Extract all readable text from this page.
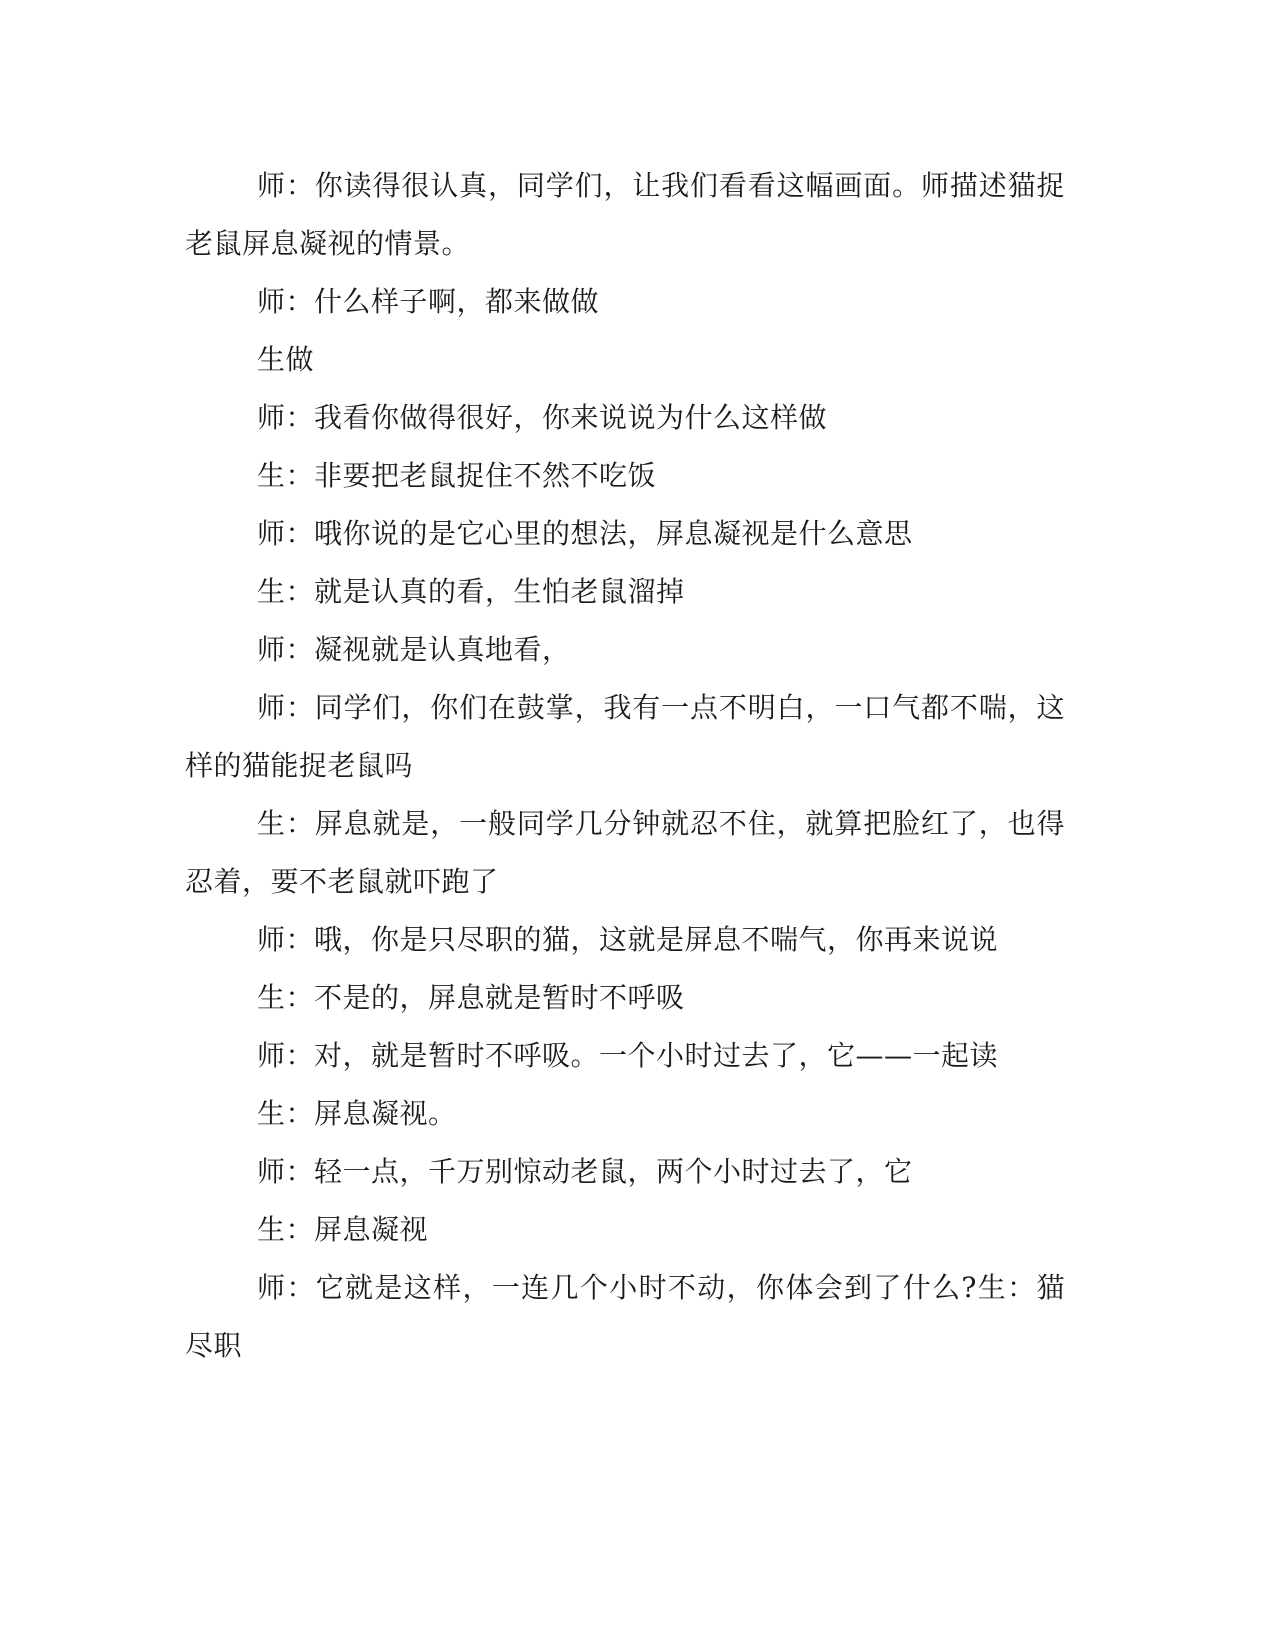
师：你读得很认真，同学们，让我们看看这幅画面。师描述猫捉老鼠屏息凝视的情景。

师：什么样子啊，都来做做

生做

师：我看你做得很好，你来说说为什么这样做

生：非要把老鼠捉住不然不吃饭

师：哦你说的是它心里的想法，屏息凝视是什么意思

生：就是认真的看，生怕老鼠溜掉

师：凝视就是认真地看，

师：同学们，你们在鼓掌，我有一点不明白，一口气都不喘，这样的猫能捉老鼠吗

生：屏息就是，一般同学几分钟就忍不住，就算把脸红了，也得忍着，要不老鼠就吓跑了

师：哦，你是只尽职的猫，这就是屏息不喘气，你再来说说

生：不是的，屏息就是暂时不呼吸

师：对，就是暂时不呼吸。一个小时过去了，它——一起读

生：屏息凝视。

师：轻一点，千万别惊动老鼠，两个小时过去了，它

生：屏息凝视

师：它就是这样，一连几个小时不动，你体会到了什么?生：猫尽职
